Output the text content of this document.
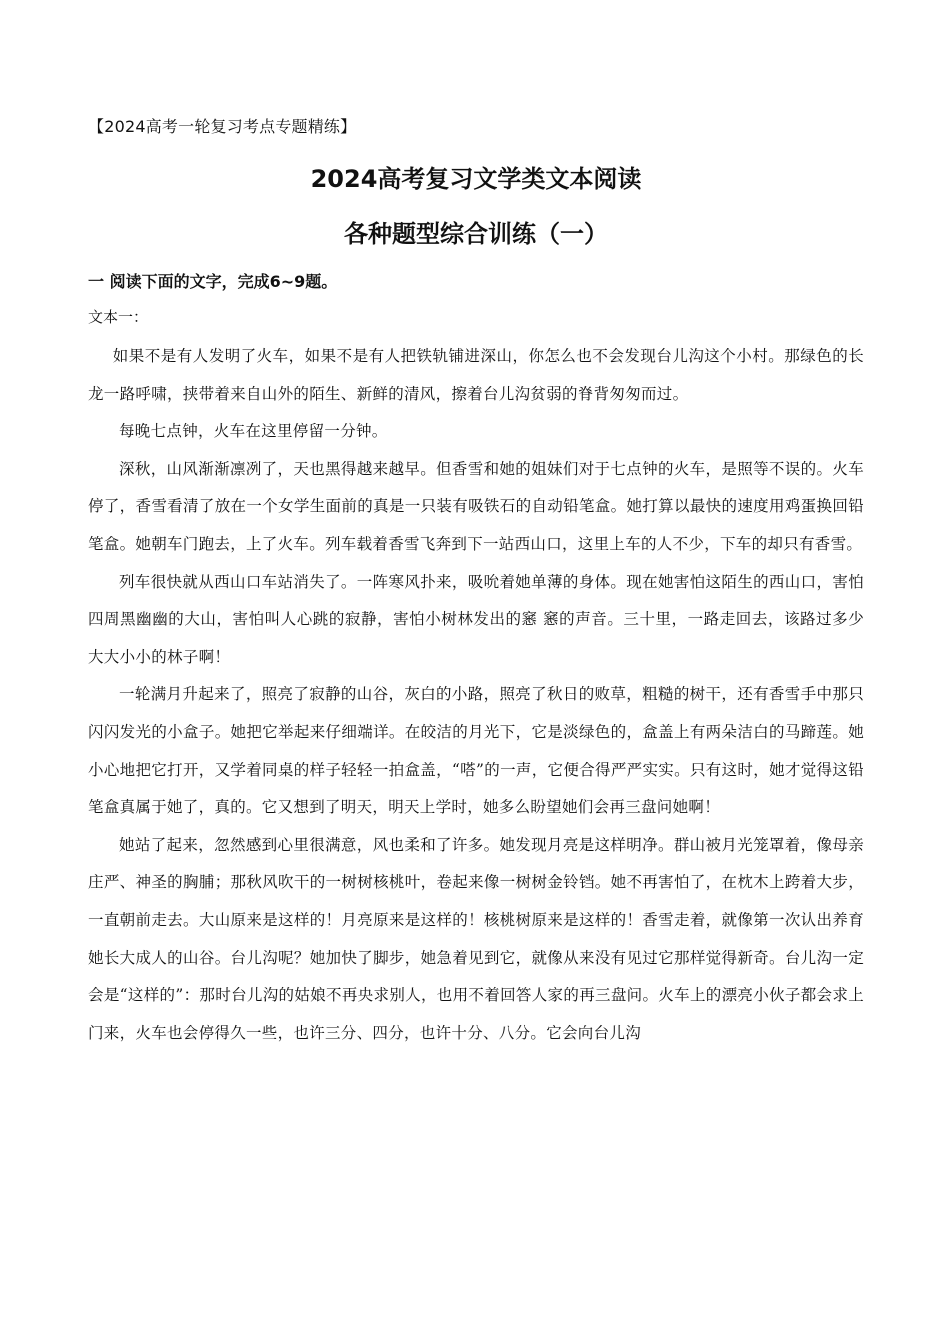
【2024高考一轮复习考点专题精练】

2024高考复习文学类文本阅读
各种题型综合训练（一）

一 阅读下面的文字，完成6~9题。

文本一：

如果不是有人发明了火车，如果不是有人把铁轨铺进深山，你怎么也不会发现台儿沟这个小村。那绿色的长龙一路呼啸，挟带着来自山外的陌生、新鲜的清风，擦着台儿沟贫弱的脊背匆匆而过。

每晚七点钟，火车在这里停留一分钟。

深秋，山风渐渐凛冽了，天也黑得越来越早。但香雪和她的姐妹们对于七点钟的火车，是照等不误的。火车停了，香雪看清了放在一个女学生面前的真是一只装有吸铁石的自动铅笔盒。她打算以最快的速度用鸡蛋换回铅笔盒。她朝车门跑去，上了火车。列车载着香雪飞奔到下一站西山口，这里上车的人不少，下车的却只有香雪。

列车很快就从西山口车站消失了。一阵寒风扑来，吸吮着她单薄的身体。现在她害怕这陌生的西山口，害怕四周黑幽幽的大山，害怕叫人心跳的寂静，害怕小树林发出的窸 窸的声音。三十里，一路走回去，该路过多少大大小小的林子啊！

一轮满月升起来了，照亮了寂静的山谷，灰白的小路，照亮了秋日的败草，粗糙的树干，还有香雪手中那只闪闪发光的小盒子。她把它举起来仔细端详。在皎洁的月光下，它是淡绿色的，盒盖上有两朵洁白的马蹄莲。她小心地把它打开，又学着同桌的样子轻轻一拍盒盖，“嗒”的一声，它便合得严严实实。只有这时，她才觉得这铅笔盒真属于她了，真的。它又想到了明天，明天上学时，她多么盼望她们会再三盘问她啊！

她站了起来，忽然感到心里很满意，风也柔和了许多。她发现月亮是这样明净。群山被月光笼罩着，像母亲庄严、神圣的胸脯；那秋风吹干的一树树核桃叶，卷起来像一树树金铃铛。她不再害怕了，在枕木上跨着大步，一直朝前走去。大山原来是这样的！月亮原来是这样的！核桃树原来是这样的！香雪走着，就像第一次认出养育她长大成人的山谷。台儿沟呢？她加快了脚步，她急着见到它，就像从来没有见过它那样觉得新奇。台儿沟一定会是“这样的”：那时台儿沟的姑娘不再央求别人，也用不着回答人家的再三盘问。火车上的漂亮小伙子都会求上门来，火车也会停得久一些，也许三分、四分，也许十分、八分。它会向台儿沟
